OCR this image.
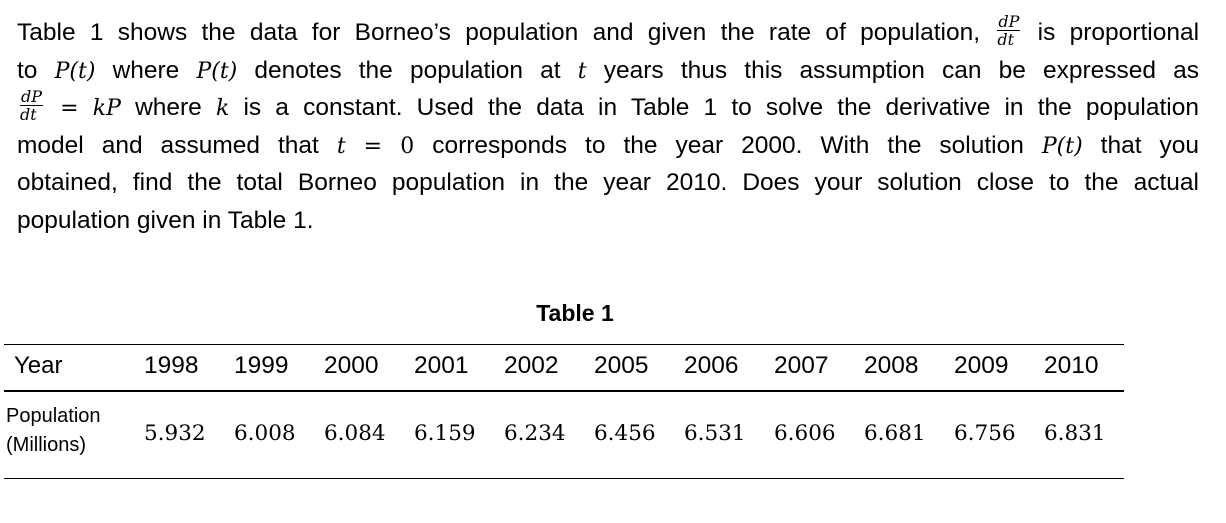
Table 1 shows the data for Borneo’s population and given the rate of population, $\frac{dP}{dt}$ is proportional
to P(t) where P(t) denotes the population at t years thus this assumption can be expressed as
$\frac{dP}{dt}$ = kP where k is a constant. Used the data in Table 1 to solve the derivative in the population
model and assumed that t = 0 corresponds to the year 2000. With the solution P(t) that you
obtained, find the total Borneo population in the year 2010. Does your solution close to the actual
population given in Table 1.
Table 1
Year	1998	1999	2000	2001	2002	2005	2006	2007	2008	2009	2010
Population
(Millions)	5.932	6.008	6.084	6.159	6.234	6.456	6.531	6.606	6.681	6.756	6.831
